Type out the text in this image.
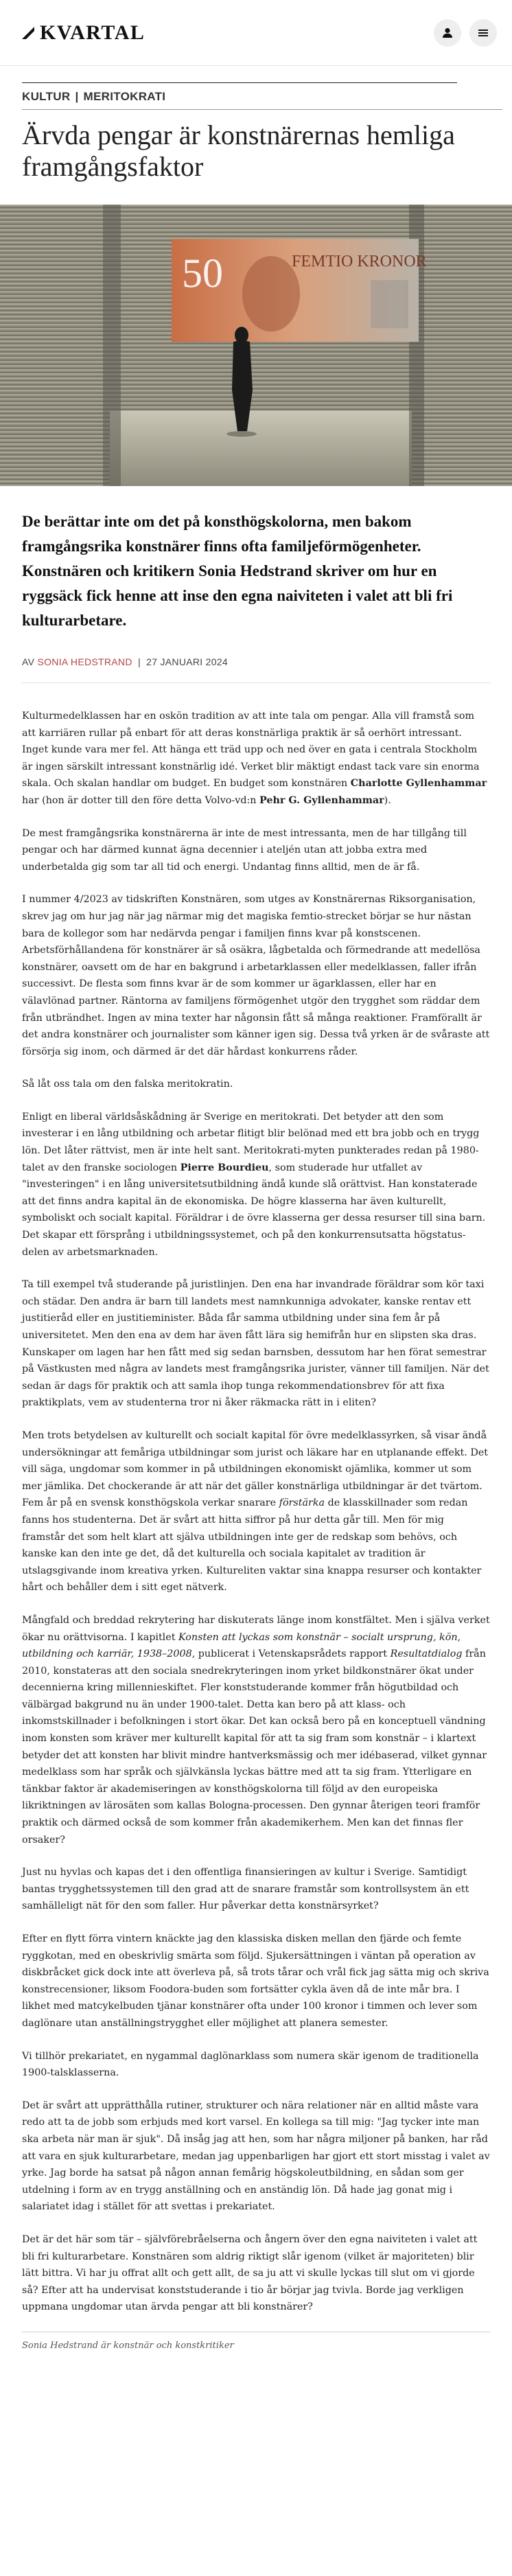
KVARTAL
KULTUR | MERITOKRATI
Ärvda pengar är konstnärernas hemliga framgångsfaktor
50	FEMTIO KRONOR

De berättar inte om det på konsthögskolorna, men bakom framgångsrika konstnärer finns ofta familjeförmögenheter. Konstnären och kritikern Sonia Hedstrand skriver om hur en ryggsäck fick henne att inse den egna naiviteten i valet att bli fri kulturarbetare.

AV SONIA HEDSTRAND | 27 JANUARI 2024

Kulturmedelklassen har en oskön tradition av att inte tala om pengar. Alla vill framstå som att karriären rullar på enbart för att deras konstnärliga praktik är så oerhört intressant. Inget kunde vara mer fel. Att hänga ett träd upp och ned över en gata i centrala Stockholm är ingen särskilt intressant konstnärlig idé. Verket blir mäktigt endast tack vare sin enorma skala. Och skalan handlar om budget. En budget som konstnären Charlotte Gyllenhammar har (hon är dotter till den före detta Volvo-vd:n Pehr G. Gyllenhammar).

De mest framgångsrika konstnärerna är inte de mest intressanta, men de har tillgång till pengar och har därmed kunnat ägna decennier i ateljén utan att jobba extra med underbetalda gig som tar all tid och energi. Undantag finns alltid, men de är få.

I nummer 4/2023 av tidskriften Konstnären, som utges av Konstnärernas Riksorganisation, skrev jag om hur jag när jag närmar mig det magiska femtio-strecket börjar se hur nästan bara de kollegor som har nedärvda pengar i familjen finns kvar på konstscenen. Arbetsförhållandena för konstnärer är så osäkra, lågbetalda och förmedrande att medellösa konstnärer, oavsett om de har en bakgrund i arbetarklassen eller medelklassen, faller ifrån successivt. De flesta som finns kvar är de som kommer ur ägarklassen, eller har en välavlönad partner. Räntorna av familjens förmögenhet utgör den trygghet som räddar dem från utbrändhet. Ingen av mina texter har någonsin fått så många reaktioner. Framförallt är det andra konstnärer och journalister som känner igen sig. Dessa två yrken är de svåraste att försörja sig inom, och därmed är det där hårdast konkurrens råder.

Så låt oss tala om den falska meritokratin.

Enligt en liberal världsåskådning är Sverige en meritokrati. Det betyder att den som investerar i en lång utbildning och arbetar flitigt blir belönad med ett bra jobb och en trygg lön. Det låter rättvist, men är inte helt sant. Meritokrati-myten punkterades redan på 1980-talet av den franske sociologen Pierre Bourdieu, som studerade hur utfallet av "investeringen" i en lång universitetsutbildning ändå kunde slå orättvist. Han konstaterade att det finns andra kapital än de ekonomiska. De högre klasserna har även kulturellt, symboliskt och socialt kapital. Föräldrar i de övre klasserna ger dessa resurser till sina barn. Det skapar ett försprång i utbildningssystemet, och på den konkurrensutsatta högstatus-delen av arbetsmarknaden.

Ta till exempel två studerande på juristlinjen. Den ena har invandrade föräldrar som kör taxi och städar. Den andra är barn till landets mest namnkunniga advokater, kanske rentav ett justitieråd eller en justitieminister. Båda får samma utbildning under sina fem år på universitetet. Men den ena av dem har även fått lära sig hemifrån hur en slipsten ska dras. Kunskaper om lagen har hen fått med sig sedan barnsben, dessutom har hen förat semestrar på Västkusten med några av landets mest framgångsrika jurister, vänner till familjen. När det sedan är dags för praktik och att samla ihop tunga rekommendationsbrev för att fixa praktikplats, vem av studenterna tror ni åker räkmacka rätt in i eliten?

Men trots betydelsen av kulturellt och socialt kapital för övre medelklassyrken, så visar ändå undersökningar att femåriga utbildningar som jurist och läkare har en utplanande effekt. Det vill säga, ungdomar som kommer in på utbildningen ekonomiskt ojämlika, kommer ut som mer jämlika. Det chockerande är att när det gäller konstnärliga utbildningar är det tvärtom. Fem år på en svensk konsthögskola verkar snarare förstärka de klasskillnader som redan fanns hos studenterna. Det är svårt att hitta siffror på hur detta går till. Men för mig framstår det som helt klart att själva utbildningen inte ger de redskap som behövs, och kanske kan den inte ge det, då det kulturella och sociala kapitalet av tradition är utslagsgivande inom kreativa yrken. Kultureliten vaktar sina knappa resurser och kontakter hårt och behåller dem i sitt eget nätverk.

Mångfald och breddad rekrytering har diskuterats länge inom konstfältet. Men i själva verket ökar nu orättvisorna. I kapitlet Konsten att lyckas som konstnär – socialt ursprung, kön, utbildning och karriär, 1938–2008, publicerat i Vetenskapsrådets rapport Resultatdialog från 2010, konstateras att den sociala snedrekryteringen inom yrket bildkonstnärer ökat under decennierna kring millennieskiftet. Fler konststuderande kommer från högutbildad och välbärgad bakgrund nu än under 1900-talet. Detta kan bero på att klass- och inkomstskillnader i befolkningen i stort ökar. Det kan också bero på en konceptuell vändning inom konsten som kräver mer kulturellt kapital för att ta sig fram som konstnär – i klartext betyder det att konsten har blivit mindre hantverksmässig och mer idébaserad, vilket gynnar medelklass som har språk och självkänsla lyckas bättre med att ta sig fram. Ytterligare en tänkbar faktor är akademiseringen av konsthögskolorna till följd av den europeiska likriktningen av lärosäten som kallas Bologna-processen. Den gynnar återigen teori framför praktik och därmed också de som kommer från akademikerhem. Men kan det finnas fler orsaker?

Just nu hyvlas och kapas det i den offentliga finansieringen av kultur i Sverige. Samtidigt bantas trygghetssystemen till den grad att de snarare framstår som kontrollsystem än ett samhälleligt nät för den som faller. Hur påverkar detta konstnärsyrket?

Efter en flytt förra vintern knäckte jag den klassiska disken mellan den fjärde och femte ryggkotan, med en obeskrivlig smärta som följd. Sjukersättningen i väntan på operation av diskbråcket gick dock inte att överleva på, så trots tårar och vrål fick jag sätta mig och skriva konstrecensioner, liksom Foodora-buden som fortsätter cykla även då de inte mår bra. I likhet med matcykelbuden tjänar konstnärer ofta under 100 kronor i timmen och lever som daglönare utan anställningstrygghet eller möjlighet att planera semester.

Vi tillhör prekariatet, en nygammal daglönarklass som numera skär igenom de traditionella 1900-talsklasserna.

Det är svårt att upprätthålla rutiner, strukturer och nära relationer när en alltid måste vara redo att ta de jobb som erbjuds med kort varsel. En kollega sa till mig: "Jag tycker inte man ska arbeta när man är sjuk". Då insåg jag att hen, som har några miljoner på banken, har råd att vara en sjuk kulturarbetare, medan jag uppenbarligen har gjort ett stort misstag i valet av yrke. Jag borde ha satsat på någon annan femårig högskoleutbildning, en sådan som ger utdelning i form av en trygg anställning och en anständig lön. Då hade jag gonat mig i salariatet idag i stället för att svettas i prekariatet.

Det är det här som tär – självförebråelserna och ångern över den egna naiviteten i valet att bli fri kulturarbetare. Konstnären som aldrig riktigt slår igenom (vilket är majoriteten) blir lätt bittra. Vi har ju offrat allt och gett allt, de sa ju att vi skulle lyckas till slut om vi gjorde så? Efter att ha undervisat konststuderande i tio år börjar jag tvivla. Borde jag verkligen uppmana ungdomar utan ärvda pengar att bli konstnärer?

Sonia Hedstrand är konstnär och konstkritiker
